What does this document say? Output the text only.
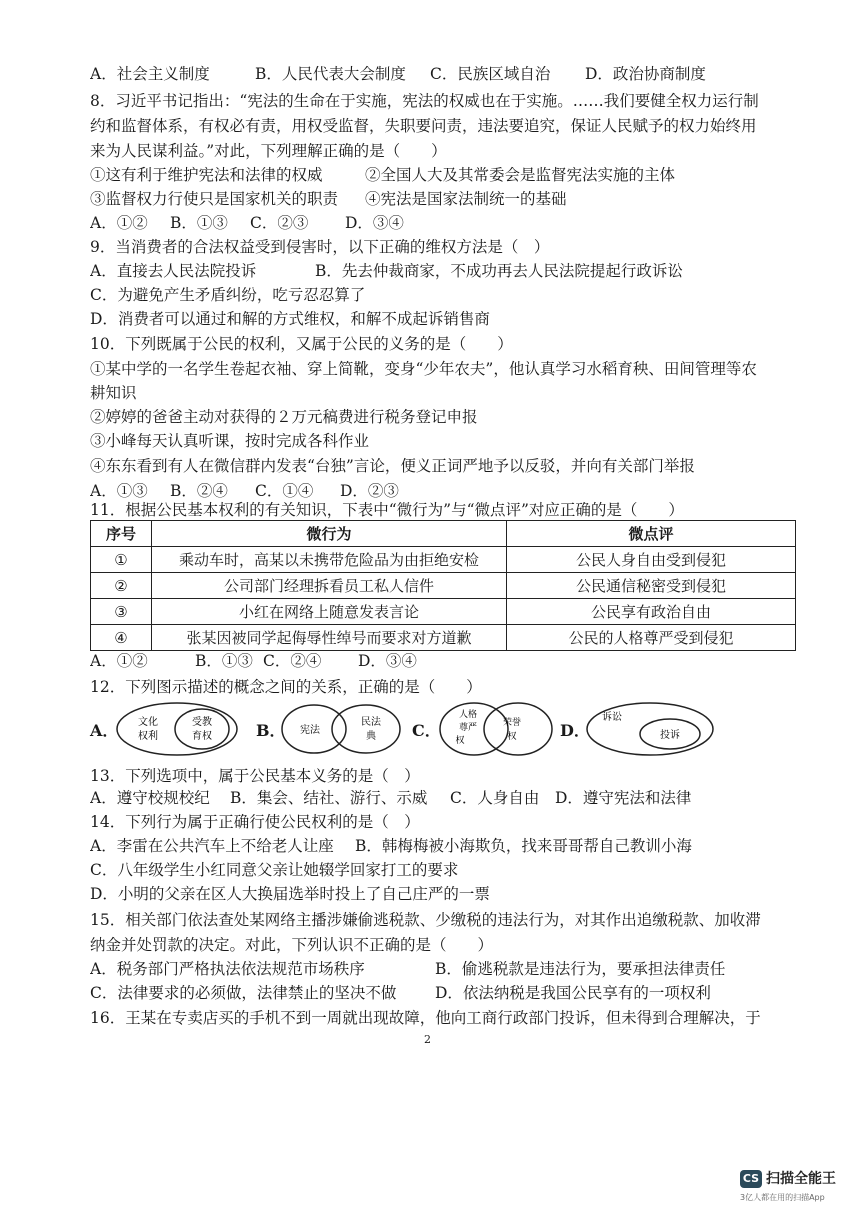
A．社会主义制度	B．人民代表大会制度 C．民族区域自治 D．政治协商制度
8．习近平书记指出：“宪法的生命在于实施，宪法的权威也在于实施。……我们要健全权力运行制
约和监督体系，有权必有责，用权受监督，失职要问责，违法要追究，保证人民赋予的权力始终用
来为人民谋利益。”对此，下列理解正确的是（　　）
①这有利于维护宪法和法律的权威	②全国人大及其常委会是监督宪法实施的主体
③监督权力行使只是国家机关的职责 ④宪法是国家法制统一的基础
A．①② B．①③ C．②③ D．③④
9．当消费者的合法权益受到侵害时，以下正确的维权方法是（　）
A．直接去人民法院投诉	B．先去仲裁商家，不成功再去人民法院提起行政诉讼
C．为避免产生矛盾纠纷，吃亏忍忍算了
D．消费者可以通过和解的方式维权，和解不成起诉销售商
10．下列既属于公民的权利，又属于公民的义务的是（　　）
①某中学的一名学生卷起衣袖、穿上简靴，变身“少年农夫”，他认真学习水稻育秧、田间管理等农
耕知识
②婷婷的爸爸主动对获得的２万元稿费进行税务登记申报
③小峰每天认真听课，按时完成各科作业
④东东看到有人在微信群内发表“台独”言论，便义正词严地予以反驳，并向有关部门举报
A．①③ B．②④ C．①④ D．②③
11．根据公民基本权利的有关知识，下表中“微行为”与“微点评”对应正确的是（　　）
序号	微行为	微点评
①	乘动车时，高某以未携带危险品为由拒绝安检	公民人身自由受到侵犯
②	公司部门经理拆看员工私人信件	公民通信秘密受到侵犯
③	小红在网络上随意发表言论	公民享有政治自由
④	张某因被同学起侮辱性绰号而要求对方道歉	公民的人格尊严受到侵犯
A．①②	B．①③ C．②④ D．③④
12．下列图示描述的概念之间的关系，正确的是（　　）
A． 文化
权利
受教
育权	B． 宪法
民法
典 C．
人格
尊严
权
荣誉
权	D．
诉讼
投诉
13．下列选项中，属于公民基本义务的是（　）
A．遵守校规校纪 B．集会、结社、游行、示威 C．人身自由 D．遵守宪法和法律
14．下列行为属于正确行使公民权利的是（　）
A．李雷在公共汽车上不给老人让座 B．韩梅梅被小海欺负，找来哥哥帮自己教训小海
C．八年级学生小红同意父亲让她辍学回家打工的要求
D．小明的父亲在区人大换届选举时投上了自己庄严的一票
15．相关部门依法查处某网络主播涉嫌偷逃税款、少缴税的违法行为，对其作出追缴税款、加收滞
纳金并处罚款的决定。对此，下列认识不正确的是（　　）
A．税务部门严格执法依法规范市场秩序	B．偷逃税款是违法行为，要承担法律责任
C．法律要求的必须做，法律禁止的坚决不做 D．依法纳税是我国公民享有的一项权利
16．王某在专卖店买的手机不到一周就出现故障，他向工商行政部门投诉，但未得到合理解决，于
2
CS 扫描全能王
3亿人都在用的扫描App
